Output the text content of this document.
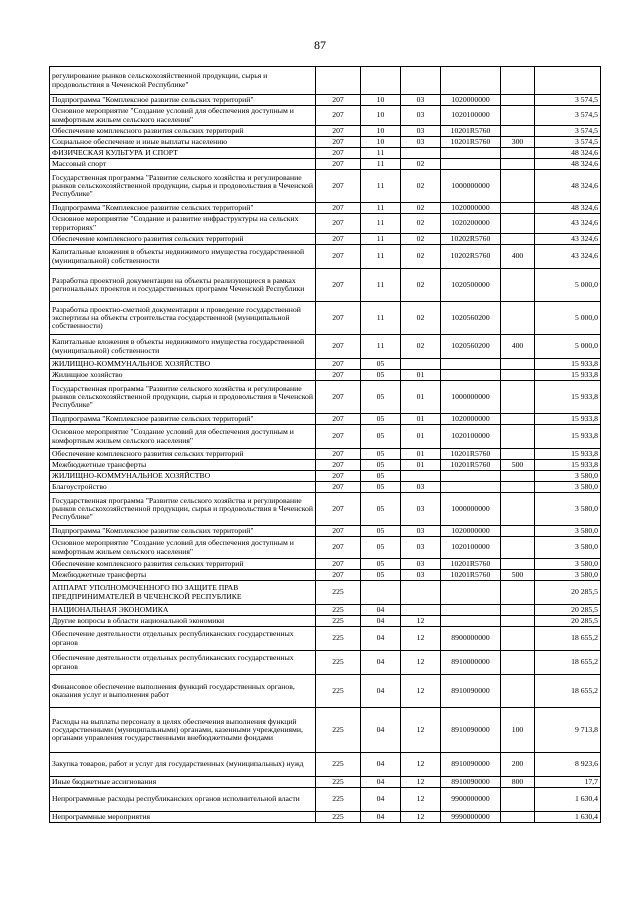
87
регулирование рынков сельскохозяйственной продукции, сырья и продовольствия в Чеченской Республике"						
Подпрограмма "Комплексное развитие сельских территорий"	207	10	03	1020000000		3 574,5
Основное мероприятие "Создание условий для обеспечения доступным и комфортным жильем сельского населения"	207	10	03	1020100000		3 574,5
Обеспечение комплексного развития сельских территорий	207	10	03	10201R5760		3 574,5
Социальное обеспечение и иные выплаты населению	207	10	03	10201R5760	300	3 574,5
ФИЗИЧЕСКАЯ КУЛЬТУРА И СПОРТ	207	11				48 324,6
Массовый спорт	207	11	02			48 324,6
Государственная программа "Развитие сельского хозяйства и регулирование рынков сельскохозяйственной продукции, сырья и продовольствия в Чеченской Республике"	207	11	02	1000000000		48 324,6
Подпрограмма "Комплексное развитие сельских территорий"	207	11	02	1020000000		48 324,6
Основное мероприятие "Создание и развитие инфраструктуры на сельских территориях"	207	11	02	1020200000		43 324,6
Обеспечение комплексного развития сельских территорий	207	11	02	10202R5760		43 324,6
Капитальные вложения в объекты недвижимого имущества государственной (муниципальной) собственности	207	11	02	10202R5760	400	43 324,6
Разработка проектной документации на объекты реализующиеся в рамках региональных проектов и государственных программ Чеченской Республики	207	11	02	1020500000		5 000,0
Разработка проектно-сметной документации и проведение государственной экспертизы на объекты строительства государственной (муниципальной собственности)	207	11	02	1020560200		5 000,0
Капитальные вложения в объекты недвижимого имущества государственной (муниципальной) собственности	207	11	02	1020560200	400	5 000,0
ЖИЛИЩНО-КОММУНАЛЬНОЕ ХОЗЯЙСТВО	207	05				15 933,8
Жилищное хозяйство	207	05	01			15 933,8
Государственная программа "Развитие сельского хозяйства и регулирование рынков сельскохозяйственной продукции, сырья и продовольствия в Чеченской Республике"	207	05	01	1000000000		15 933,8
Подпрограмма "Комплексное развитие сельских территорий"	207	05	01	1020000000		15 933,8
Основное мероприятие "Создание условий для обеспечения доступным и комфортным жильем сельского населения"	207	05	01	1020100000		15 933,8
Обеспечение комплексного развития сельских территорий	207	05	01	10201R5760		15 933,8
Межбюджетные трансферты	207	05	01	10201R5760	500	15 933,8
ЖИЛИЩНО-КОММУНАЛЬНОЕ ХОЗЯЙСТВО	207	05				3 580,0
Благоустройство	207	05	03			3 580,0
Государственная программа "Развитие сельского хозяйства и регулирование рынков сельскохозяйственной продукции, сырья и продовольствия в Чеченской Республике"	207	05	03	1000000000		3 580,0
Подпрограмма "Комплексное развитие сельских территорий"	207	05	03	1020000000		3 580,0
Основное мероприятие "Создание условий для обеспечения доступным и комфортным жильем сельского населения"	207	05	03	1020100000		3 580,0
Обеспечение комплексного развития сельских территорий	207	05	03	10201R5760		3 580,0
Межбюджетные трансферты	207	05	03	10201R5760	500	3 580,0
АППАРАТ УПОЛНОМОЧЕННОГО ПО ЗАЩИТЕ ПРАВ ПРЕДПРИНИМАТЕЛЕЙ В ЧЕЧЕНСКОЙ РЕСПУБЛИКЕ	225					20 285,5
НАЦИОНАЛЬНАЯ ЭКОНОМИКА	225	04				20 285,5
Другие вопросы в области национальной экономики	225	04	12			20 285,5
Обеспечение деятельности отдельных республиканских государственных органов	225	04	12	8900000000		18 655,2
Обеспечение деятельности отдельных республиканских государственных органов	225	04	12	8910000000		18 655,2
Финансовое обеспечение выполнения функций государственных органов, оказания услуг и выполнения работ	225	04	12	8910090000		18 655,2
Расходы на выплаты персоналу в целях обеспечения выполнения функций государственными (муниципальными) органами, казенными учреждениями, органами управления государственными внебюджетными фондами	225	04	12	8910090000	100	9 713,8
Закупка товаров, работ и услуг для государственных (муниципальных) нужд	225	04	12	8910090000	200	8 923,6
Иные бюджетные ассигнования	225	04	12	8910090000	800	17,7
Непрограммные расходы республиканских органов исполнительной власти	225	04	12	9900000000		1 630,4
Непрограммные мероприятия	225	04	12	9990000000		1 630,4
